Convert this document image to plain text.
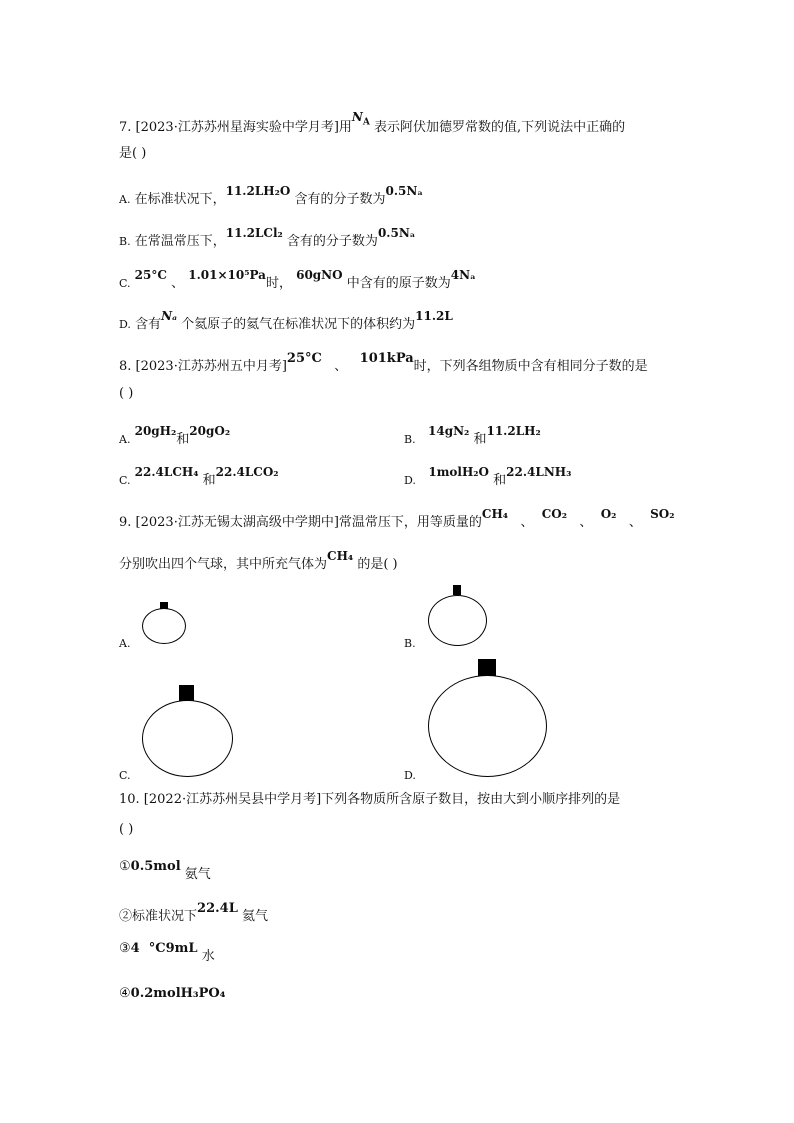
7. [2023·江苏苏州星海实验中学月考]用$N_A$ 表示阿伏加德罗常数的值,下列说法中正确的
是( )
A. 在标准状况下，11.2LH₂O 含有的分子数为0.5Nₐ
B. 在常温常压下，11.2LCl₂ 含有的分子数为0.5Nₐ
C. 25°C 、 1.01×10⁵Pa时， 60gNO 中含有的原子数为4Nₐ
D. 含有Nₐ 个氦原子的氦气在标准状况下的体积约为11.2L
8. [2023·江苏苏州五中月考]25°C   、   101kPa时，下列各组物质中含有相同分子数的是
( )
A. 20gH₂和20gO₂
B.   14gN₂ 和11.2LH₂
C. 22.4LCH₄ 和22.4LCO₂
D.   1molH₂O 和22.4LNH₃
9. [2023·江苏无锡太湖高级中学期中]常温常压下，用等质量的CH₄   、  CO₂   、  O₂   、  SO₂
分别吹出四个气球，其中所充气体为CH₄ 的是( )
A.	B.
C.	D.
10. [2022·江苏苏州吴县中学月考]下列各物质所含原子数目，按由大到小顺序排列的是
( )
①0.5mol 氨气
②标准状况下22.4L 氦气
③4  °C9mL 水
④0.2molH₃PO₄
